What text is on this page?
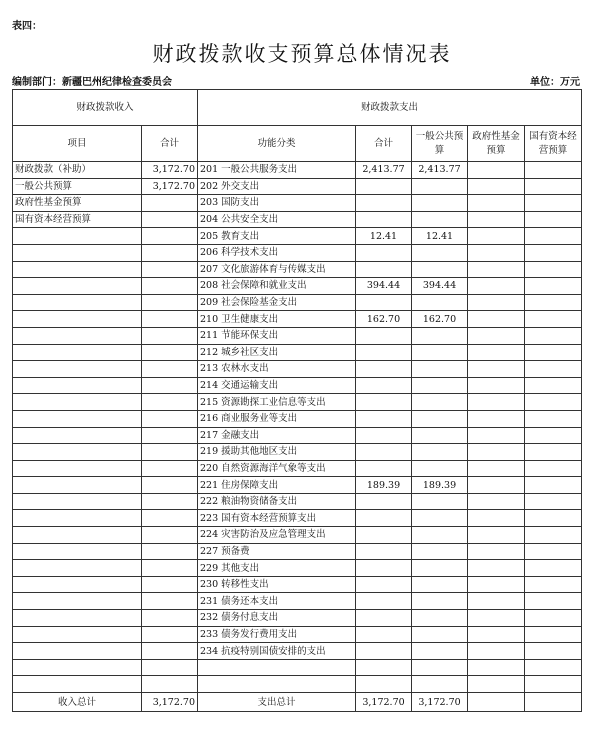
表四：
财政拨款收支预算总体情况表
编制部门：新疆巴州纪律检查委员会	单位：万元
财政拨款收入		财政拨款支出				
项目	合计	功能分类	合计	一般公共预算	政府性基金预算	国有资本经营预算
财政拨款（补助）	3,172.70	201 一般公共服务支出	2,413.77	2,413.77		
一般公共预算	3,172.70	202 外交支出				
政府性基金预算		203 国防支出				
国有资本经营预算		204 公共安全支出				
		205 教育支出	12.41	12.41		
		206 科学技术支出				
		207 文化旅游体育与传媒支出				
		208 社会保障和就业支出	394.44	394.44		
		209 社会保险基金支出				
		210 卫生健康支出	162.70	162.70		
		211 节能环保支出				
		212 城乡社区支出				
		213 农林水支出				
		214 交通运输支出				
		215 资源勘探工业信息等支出				
		216 商业服务业等支出				
		217 金融支出				
		219 援助其他地区支出				
		220 自然资源海洋气象等支出				
		221 住房保障支出	189.39	189.39		
		222 粮油物资储备支出				
		223 国有资本经营预算支出				
		224 灾害防治及应急管理支出				
		227 预备费				
		229 其他支出				
		230 转移性支出				
		231 债务还本支出				
		232 债务付息支出				
		233 债务发行费用支出				
		234 抗疫特别国债安排的支出				

收入总计	3,172.70	支出总计	3,172.70	3,172.70		
